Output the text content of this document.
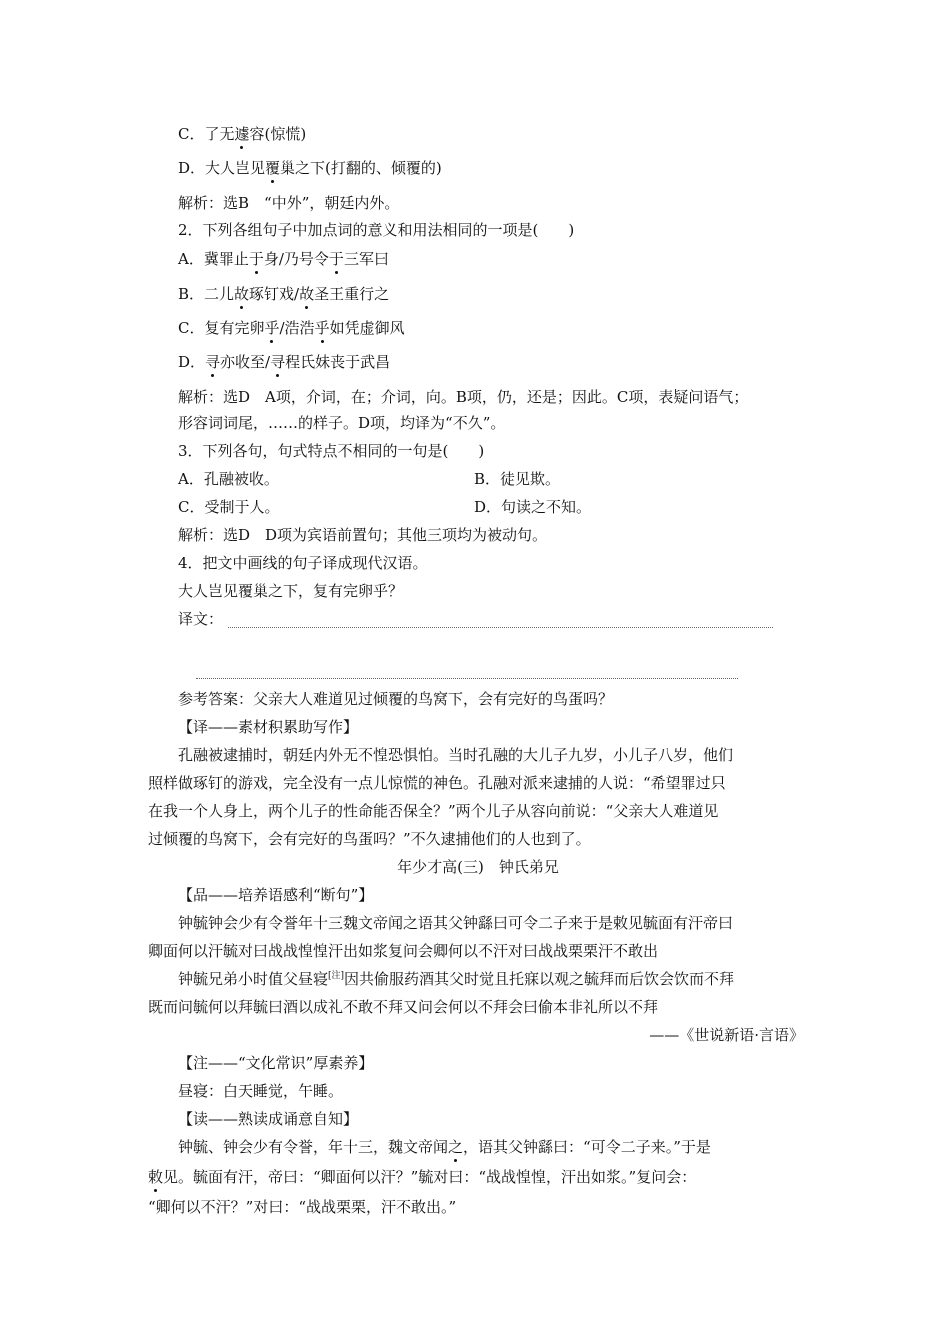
C．了无遽容(惊慌)
D．大人岂见覆巢之下(打翻的、倾覆的)
解析：选B　“中外”，朝廷内外。
2．下列各组句子中加点词的意义和用法相同的一项是(　　)
A．冀罪止于身/乃号令于三军曰
B．二儿故琢钉戏/故圣王重行之
C．复有完卵乎/浩浩乎如凭虚御风
D．寻亦收至/寻程氏妹丧于武昌
解析：选D　A项，介词，在；介词，向。B项，仍，还是；因此。C项，表疑问语气；
形容词词尾，……的样子。D项，均译为“不久”。
3．下列各句，句式特点不相同的一句是(　　)
A．孔融被收。	B．徒见欺。
C．受制于人。	D．句读之不知。
解析：选D　D项为宾语前置句；其他三项均为被动句。
4．把文中画线的句子译成现代汉语。
大人岂见覆巢之下，复有完卵乎？
译文：
参考答案：父亲大人难道见过倾覆的鸟窝下，会有完好的鸟蛋吗？
【译——素材积累助写作】
　　孔融被逮捕时，朝廷内外无不惶恐惧怕。当时孔融的大儿子九岁，小儿子八岁，他们
照样做琢钉的游戏，完全没有一点儿惊慌的神色。孔融对派来逮捕的人说：“希望罪过只
在我一个人身上，两个儿子的性命能否保全？”两个儿子从容向前说：“父亲大人难道见
过倾覆的鸟窝下，会有完好的鸟蛋吗？”不久逮捕他们的人也到了。
年少才高(三)　钟氏弟兄
【品——培养语感利“断句”】
　　钟毓钟会少有令誉年十三魏文帝闻之语其父钟繇曰可令二子来于是敕见毓面有汗帝曰
卿面何以汗毓对曰战战惶惶汗出如浆复问会卿何以不汗对曰战战栗栗汗不敢出
　　钟毓兄弟小时值父昼寝[注]因共偷服药酒其父时觉且托寐以观之毓拜而后饮会饮而不拜
既而问毓何以拜毓曰酒以成礼不敢不拜又问会何以不拜会曰偷本非礼所以不拜
——《世说新语·言语》
【注——“文化常识”厚素养】
　　昼寝：白天睡觉，午睡。
【读——熟读成诵意自知】
　　钟毓、钟会少有令誉，年十三，魏文帝闻之，语其父钟繇曰：“可令二子来。”于是
敕见。毓面有汗，帝曰：“卿面何以汗？”毓对曰：“战战惶惶，汗出如浆。”复问会：
“卿何以不汗？”对曰：“战战栗栗，汗不敢出。”
